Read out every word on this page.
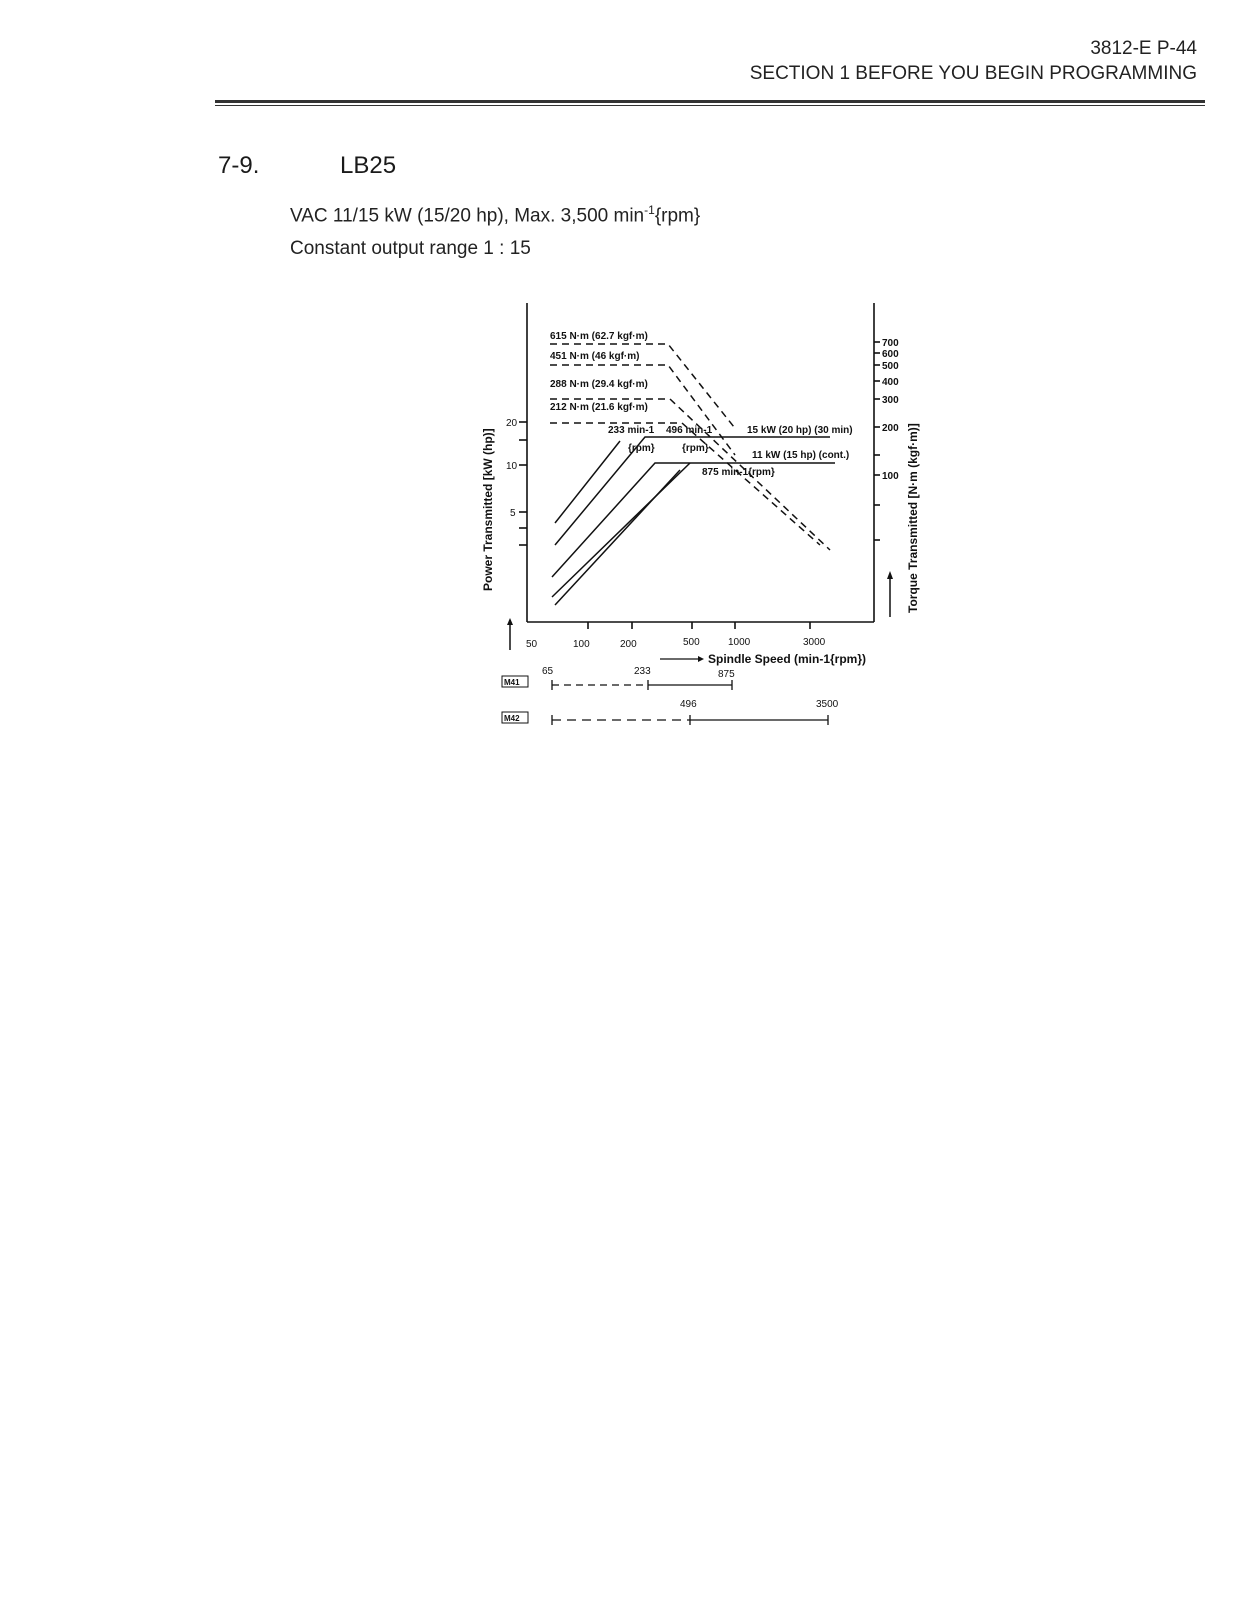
3812-E P-44
SECTION 1 BEFORE YOU BEGIN PROGRAMMING
7-9.	LB25
VAC 11/15 kW (15/20 hp), Max. 3,500 $\min^{-1}\{rpm\}$
Constant output range 1 : 15
615 N·m (62.7 kgf·m)
451 N·m (46 kgf·m)
288 N·m (29.4 kgf·m)
212 N·m (21.6 kgf·m)
233 min-1
{rpm}
496 min-1
{rpm}
875 min-1{rpm}
15 kW (20 hp) (30 min)
11 kW (15 hp) (cont.)
20
10
5
700
600
500
400
300
200
100
50	100	200	500	1000	3000
Spindle Speed (min-1{rpm})
Power Transmitted [kW (hp)]	Torque Transmitted [N·m (kgf·m)]
M41
65	233	875
M42
496	3500
